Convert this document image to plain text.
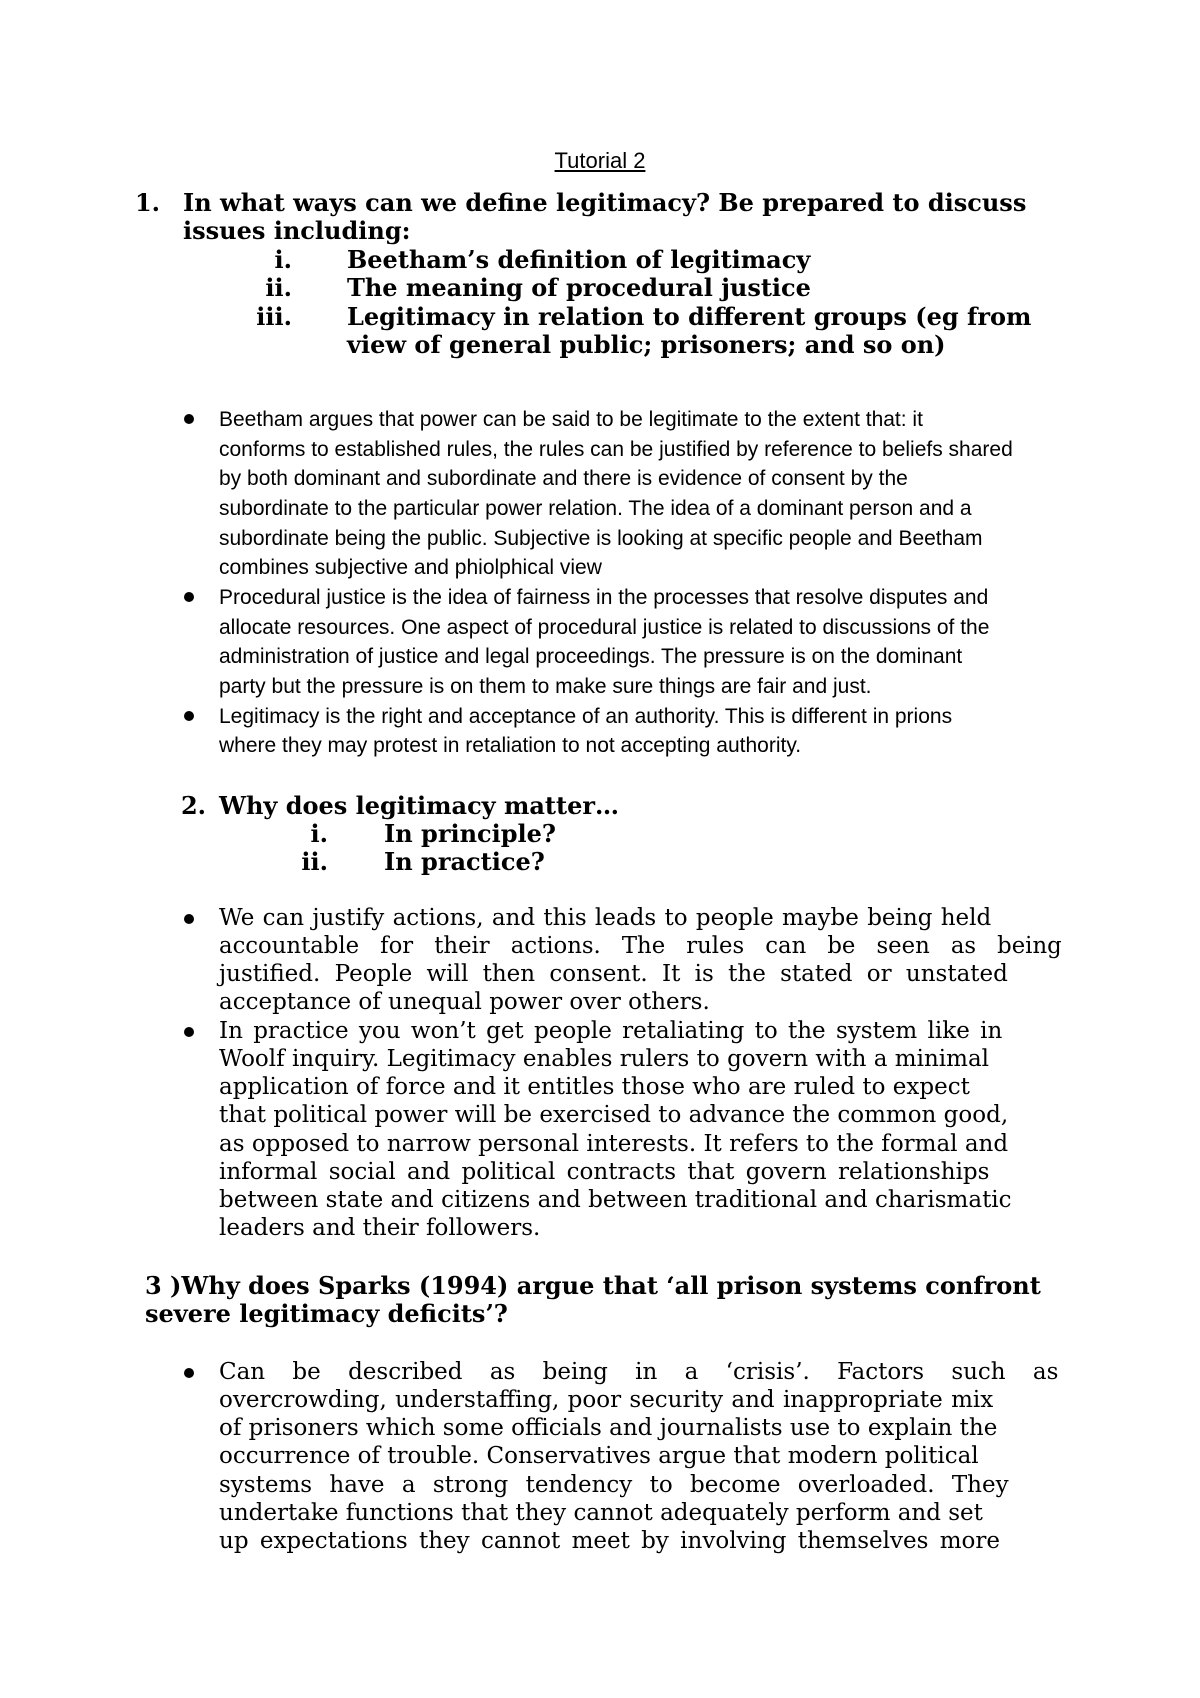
Tutorial 2
1. In what ways can we define legitimacy? Be prepared to discuss
issues including:
i. Beetham’s definition of legitimacy
ii. The meaning of procedural justice
iii. Legitimacy in relation to different groups (eg from
view of general public; prisoners; and so on)
Beetham argues that power can be said to be legitimate to the extent that: it
conforms to established rules, the rules can be justified by reference to beliefs shared
by both dominant and subordinate and there is evidence of consent by the
subordinate to the particular power relation. The idea of a dominant person and a
subordinate being the public. Subjective is looking at specific people and Beetham
combines subjective and phiolphical view
Procedural justice is the idea of fairness in the processes that resolve disputes and
allocate resources. One aspect of procedural justice is related to discussions of the
administration of justice and legal proceedings. The pressure is on the dominant
party but the pressure is on them to make sure things are fair and just.
Legitimacy is the right and acceptance of an authority. This is different in prions
where they may protest in retaliation to not accepting authority.
2. Why does legitimacy matter…
i. In principle?
ii. In practice?
We can justify actions, and this leads to people maybe being held
accountable for their actions. The rules can be seen as being
justified. People will then consent. It is the stated or unstated
acceptance of unequal power over others.
In practice you won’t get people retaliating to the system like in
Woolf inquiry. Legitimacy enables rulers to govern with a minimal
application of force and it entitles those who are ruled to expect
that political power will be exercised to advance the common good,
as opposed to narrow personal interests. It refers to the formal and
informal social and political contracts that govern relationships
between state and citizens and between traditional and charismatic
leaders and their followers.
3 )Why does Sparks (1994) argue that ‘all prison systems confront
severe legitimacy deficits’?
Can be described as being in a ‘crisis’. Factors such as
overcrowding, understaffing, poor security and inappropriate mix
of prisoners which some officials and journalists use to explain the
occurrence of trouble. Conservatives argue that modern political
systems have a strong tendency to become overloaded. They
undertake functions that they cannot adequately perform and set
up expectations they cannot meet by involving themselves more
